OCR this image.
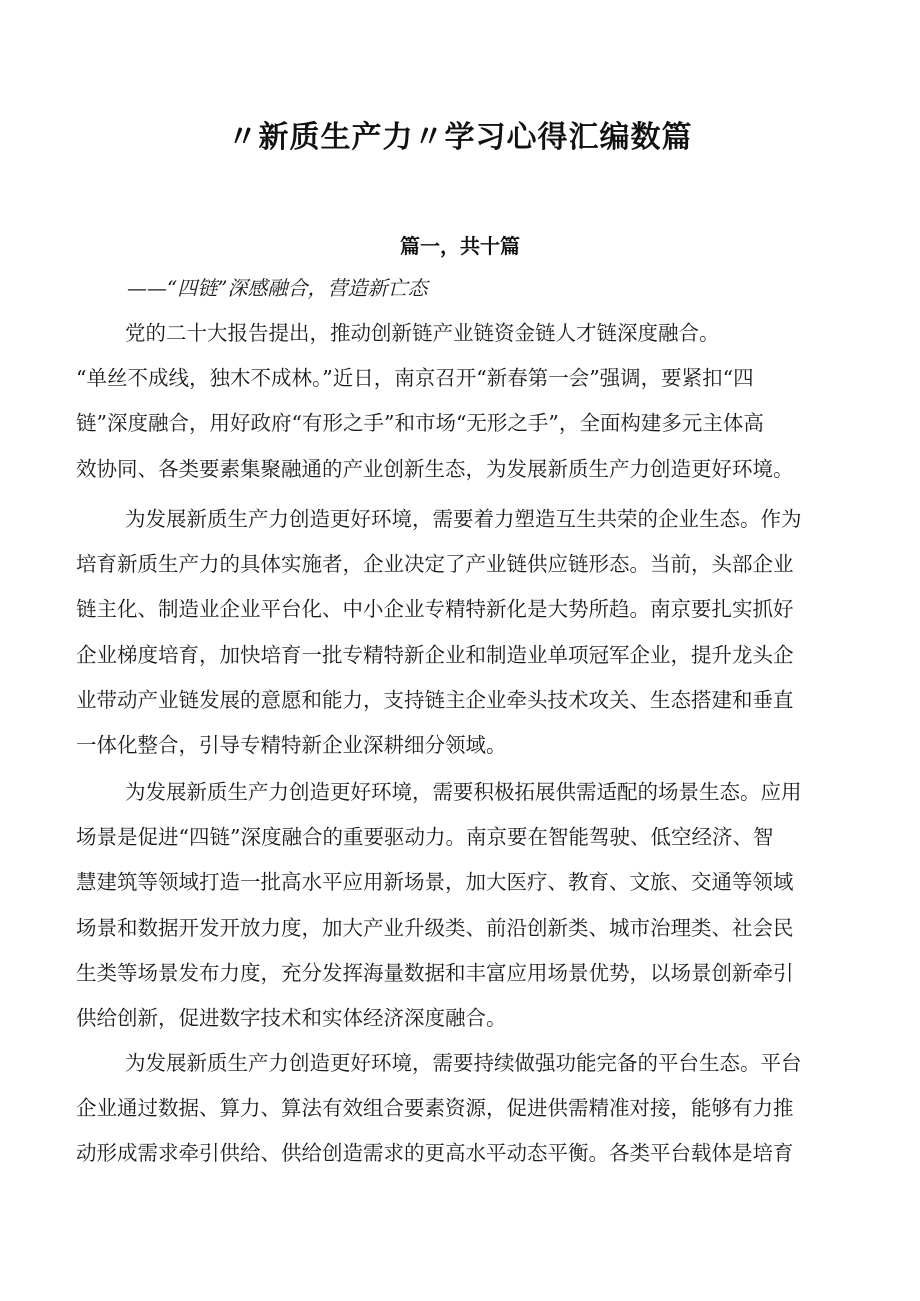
〃新质生产力〃学习心得汇编数篇
篇一，共十篇
——“四链”深感融合，营造新亡态
党的二十大报告提出，推动创新链产业链资金链人才链深度融合。
“单丝不成线，独木不成林。”近日，南京召开“新春第一会”强调，要紧扣“四
链”深度融合，用好政府“有形之手”和市场“无形之手”，全面构建多元主体高
效协同、各类要素集聚融通的产业创新生态，为发展新质生产力创造更好环境。
为发展新质生产力创造更好环境，需要着力塑造互生共荣的企业生态。作为
培育新质生产力的具体实施者，企业决定了产业链供应链形态。当前，头部企业
链主化、制造业企业平台化、中小企业专精特新化是大势所趋。南京要扎实抓好
企业梯度培育，加快培育一批专精特新企业和制造业单项冠军企业，提升龙头企
业带动产业链发展的意愿和能力，支持链主企业牵头技术攻关、生态搭建和垂直
一体化整合，引导专精特新企业深耕细分领域。
为发展新质生产力创造更好环境，需要积极拓展供需适配的场景生态。应用
场景是促进“四链”深度融合的重要驱动力。南京要在智能驾驶、低空经济、智
慧建筑等领域打造一批高水平应用新场景，加大医疗、教育、文旅、交通等领域
场景和数据开发开放力度，加大产业升级类、前沿创新类、城市治理类、社会民
生类等场景发布力度，充分发挥海量数据和丰富应用场景优势，以场景创新牵引
供给创新，促进数字技术和实体经济深度融合。
为发展新质生产力创造更好环境，需要持续做强功能完备的平台生态。平台
企业通过数据、算力、算法有效组合要素资源，促进供需精准对接，能够有力推
动形成需求牵引供给、供给创造需求的更高水平动态平衡。各类平台载体是培育
